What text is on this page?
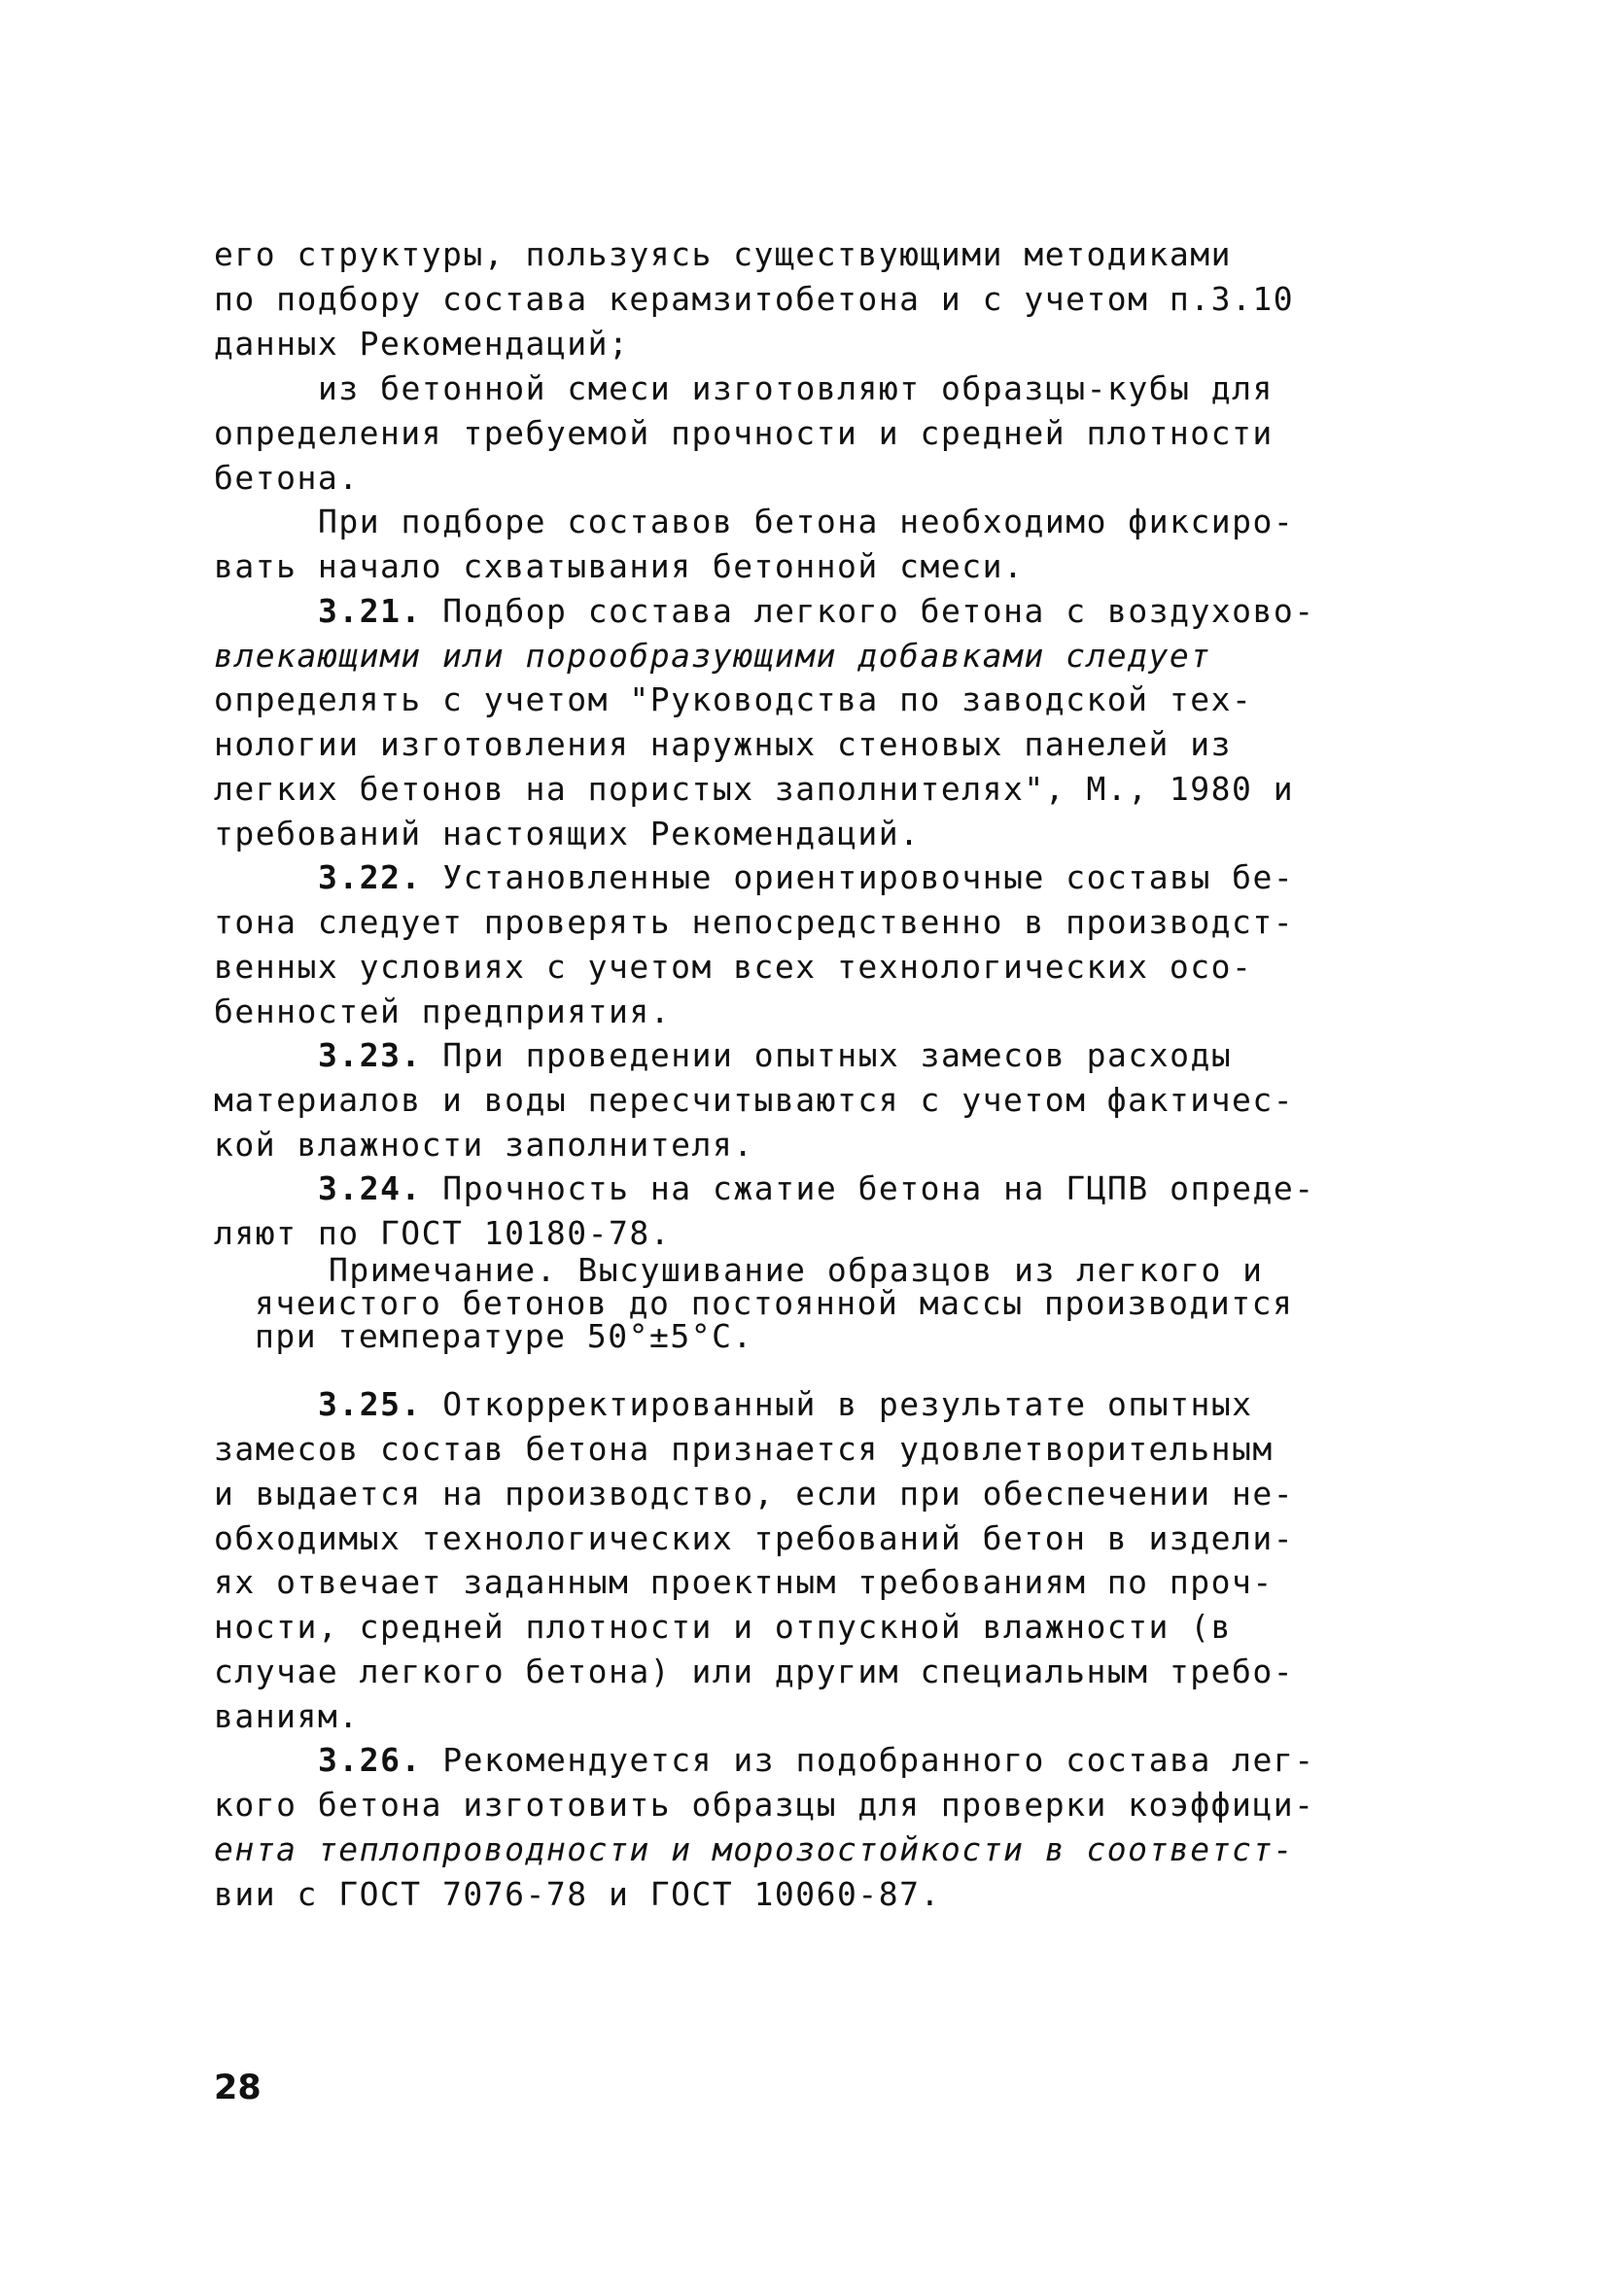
его структуры, пользуясь существующими методиками
по подбору состава керамзитобетона и с учетом п.3.10
данных Рекомендаций;
из бетонной смеси изготовляют образцы-кубы для
определения требуемой прочности и средней плотности
бетона.
При подборе составов бетона необходимо фиксиро-
вать начало схватывания бетонной смеси.
3.21. Подбор состава легкого бетона с воздухово-
влекающими или порообразующими добавками следует
определять с учетом "Руководства по заводской тех-
нологии изготовления наружных стеновых панелей из
легких бетонов на пористых заполнителях", М., 1980 и
требований настоящих Рекомендаций.
3.22. Установленные ориентировочные составы бе-
тона следует проверять непосредственно в производст-
венных условиях с учетом всех технологических осо-
бенностей предприятия.
3.23. При проведении опытных замесов расходы
материалов и воды пересчитываются с учетом фактичес-
кой влажности заполнителя.
3.24. Прочность на сжатие бетона на ГЦПВ опреде-
ляют по ГОСТ 10180-78.
Примечание. Высушивание образцов из легкого и
ячеистого бетонов до постоянной массы производится
при температуре 50°±5°С.
3.25. Откорректированный в результате опытных
замесов состав бетона признается удовлетворительным
и выдается на производство, если при обеспечении не-
обходимых технологических требований бетон в издели-
ях отвечает заданным проектным требованиям по проч-
ности, средней плотности и отпускной влажности (в
случае легкого бетона) или другим специальным требо-
ваниям.
3.26. Рекомендуется из подобранного состава лег-
кого бетона изготовить образцы для проверки коэффици-
ента теплопроводности и морозостойкости в соответст-
вии с ГОСТ 7076-78 и ГОСТ 10060-87.
28
